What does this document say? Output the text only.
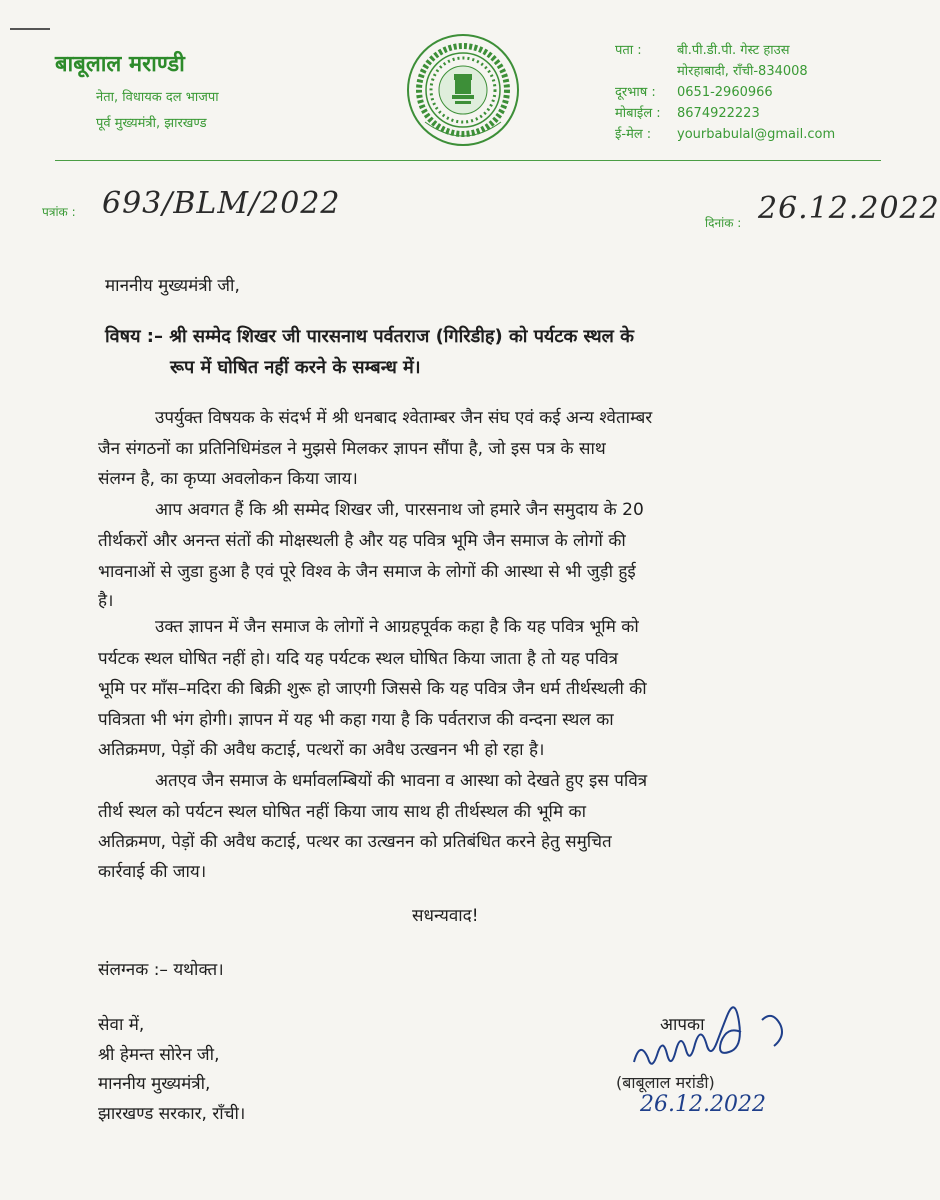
बाबूलाल मराण्डी
नेता, विधायक दल भाजपा
पूर्व मुख्यमंत्री, झारखण्ड
पता :	बी.पी.डी.पी. गेस्ट हाउस
मोरहाबादी, राँची-834008
दूरभाष : 0651-2960966
मोबाईल : 8674922223
ई-मेल : yourbabulal@gmail.com
पत्रांक : 693/BLM/2022
दिनांक : 26.12.2022
माननीय मुख्यमंत्री जी,
विषय :– श्री सम्मेद शिखर जी पारसनाथ पर्वतराज (गिरिडीह) को पर्यटक स्थल के
रूप में घोषित नहीं करने के सम्बन्ध में।
उपर्युक्त विषयक के संदर्भ में श्री धनबाद श्वेताम्बर जैन संघ एवं कई अन्य श्वेताम्बर
जैन संगठनों का प्रतिनिधिमंडल ने मुझसे मिलकर ज्ञापन सौंपा है, जो इस पत्र के साथ
संलग्न है, का कृप्या अवलोकन किया जाय।
आप अवगत हैं कि श्री सम्मेद शिखर जी, पारसनाथ जो हमारे जैन समुदाय के 20
तीर्थकरों और अनन्त संतों की मोक्षस्थली है और यह पवित्र भूमि जैन समाज के लोगों की
भावनाओं से जुडा हुआ है एवं पूरे विश्व के जैन समाज के लोगों की आस्था से भी जुड़ी हुई
है।
उक्त ज्ञापन में जैन समाज के लोगों ने आग्रहपूर्वक कहा है कि यह पवित्र भूमि को
पर्यटक स्थल घोषित नहीं हो। यदि यह पर्यटक स्थल घोषित किया जाता है तो यह पवित्र
भूमि पर मॉंस–मदिरा की बिक्री शुरू हो जाएगी जिससे कि यह पवित्र जैन धर्म तीर्थस्थली की
पवित्रता भी भंग होगी। ज्ञापन में यह भी कहा गया है कि पर्वतराज की वन्दना स्थल का
अतिक्रमण, पेड़ों की अवैध कटाई, पत्थरों का अवैध उत्खनन भी हो रहा है।
अतएव जैन समाज के धर्मावलम्बियों की भावना व आस्था को देखते हुए इस पवित्र
तीर्थ स्थल को पर्यटन स्थल घोषित नहीं किया जाय साथ ही तीर्थस्थल की भूमि का
अतिक्रमण, पेड़ों की अवैध कटाई, पत्थर का उत्खनन को प्रतिबंधित करने हेतु समुचित
कार्रवाई की जाय।
सधन्यवाद!
संलग्नक :– यथोक्त।
सेवा में,
श्री हेमन्त सोरेन जी,
माननीय मुख्यमंत्री,
झारखण्ड सरकार, राँची।
आपका
(बाबूलाल मरांडी)
26.12.2022
